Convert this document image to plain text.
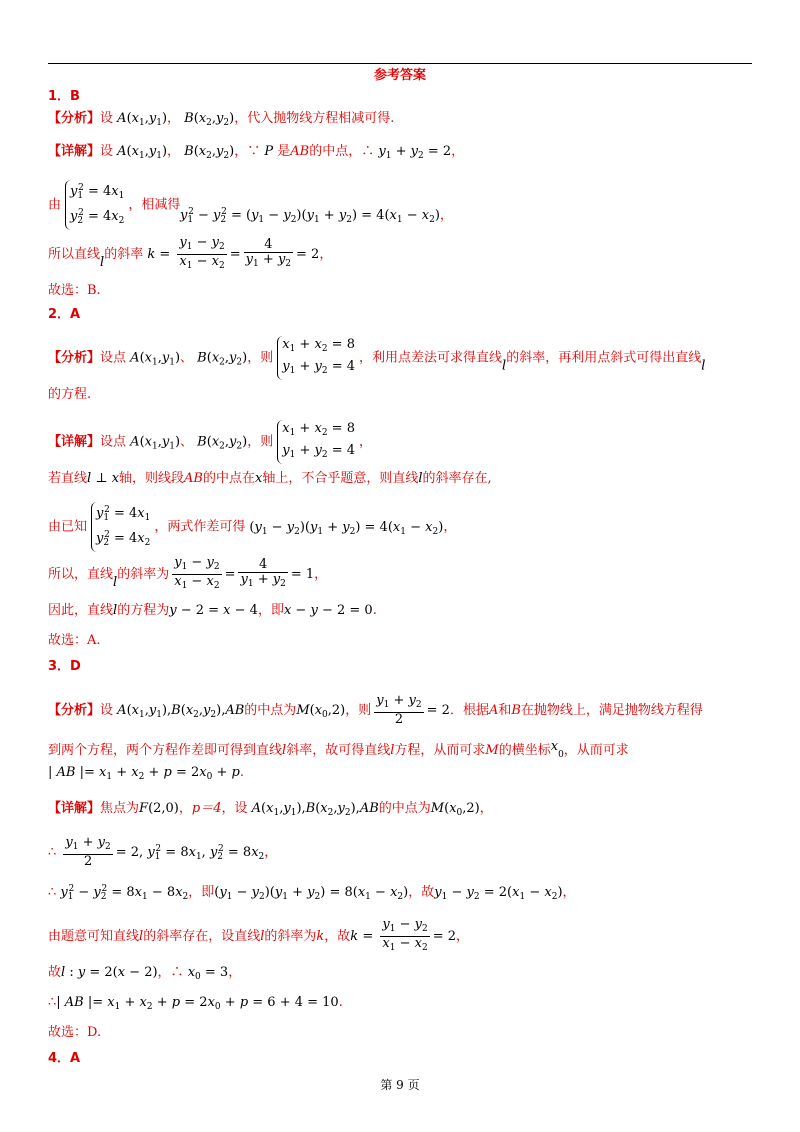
参考答案
1．B
【分析】设 $A(x_1,y_1)$， $B(x_2,y_2)$，代入抛物线方程相减可得.
【详解】设 $A(x_1,y_1)$， $B(x_2,y_2)$，∵ P 是AB的中点，∴ $y_1 + y_2 = 2$，
由
$y_1^2 = 4x_1$
$y_2^2 = 4x_2$
，相减得
$y_1^2 - y_2^2 = (y_1 - y_2)(y_1 + y_2) = 4(x_1 - x_2)$，
所以直线l的斜率 $k = \frac{y_1 - y_2}{x_1 - x_2} = \frac{4}{y_1 + y_2} = 2$，
故选：B.
2．A
【分析】设点 $A(x_1,y_1)$、 $B(x_2,y_2)$，则
$x_1 + x_2 = 8$
$y_1 + y_2 = 4$
，利用点差法可求得直线l的斜率，再利用点斜式可得出直线l
的方程.
【详解】设点 $A(x_1,y_1)$、 $B(x_2,y_2)$，则
$x_1 + x_2 = 8$
$y_1 + y_2 = 4$
，
若直线l ⊥ x轴，则线段AB的中点在x轴上，不合乎题意，则直线l的斜率存在,
由已知
$y_1^2 = 4x_1$
$y_2^2 = 4x_2$
，两式作差可得 $(y_1 - y_2)(y_1 + y_2) = 4(x_1 - x_2)$，
所以，直线l的斜率为 $\frac{y_1 - y_2}{x_1 - x_2} = \frac{4}{y_1 + y_2} = 1$，
因此，直线l的方程为y − 2 = x − 4，即x − y − 2 = 0.
故选：A.
3．D
【分析】设 $A(x_1,y_1),B(x_2,y_2),AB$的中点为$M(x_0,2)$，则 $\frac{y_1 + y_2}{2} = 2$．根据A和B在抛物线上，满足抛物线方程得
到两个方程，两个方程作差即可得到直线l斜率，故可得直线l方程，从而可求M的横坐标$x_0$，从而可求
| AB |= $x_1 + x_2 + p = 2x_0 + p$.
【详解】焦点为F(2,0)，p＝4，设 $A(x_1,y_1),B(x_2,y_2),AB$的中点为$M(x_0,2)$，
∴ $\frac{y_1 + y_2}{2} = 2$, $y_1^2 = 8x_1$, $y_2^2 = 8x_2$，
∴ $y_1^2 - y_2^2 = 8x_1 - 8x_2$，即$(y_1 - y_2)(y_1 + y_2) = 8(x_1 - x_2)$，故$y_1 - y_2 = 2(x_1 - x_2)$，
由题意可知直线l的斜率存在，设直线l的斜率为k，故$k = \frac{y_1 - y_2}{x_1 - x_2} = 2$，
故l : y = 2(x − 2)，∴ $x_0 = 3$，
∴| AB |= $x_1 + x_2 + p = 2x_0 + p = 6 + 4 = 10$.
故选：D.
4．A
第 9 页
